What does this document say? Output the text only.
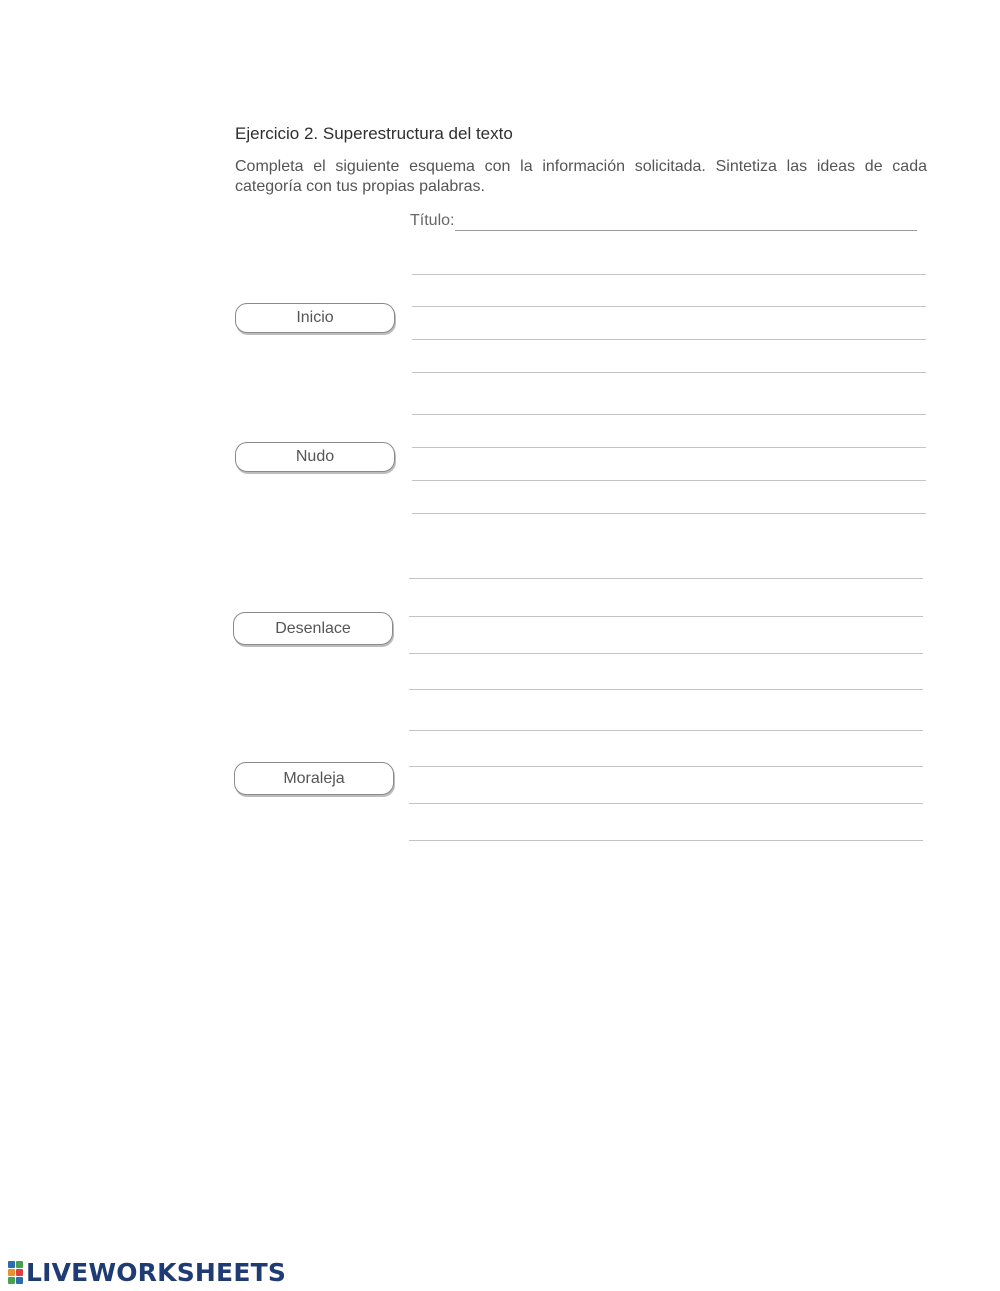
Ejercicio 2. Superestructura del texto
Completa el siguiente esquema con la información solicitada. Sintetiza las ideas de cada categoría con tus propias palabras.
Título:
Inicio
Nudo
Desenlace
Moraleja
LIVEWORKSHEETS
